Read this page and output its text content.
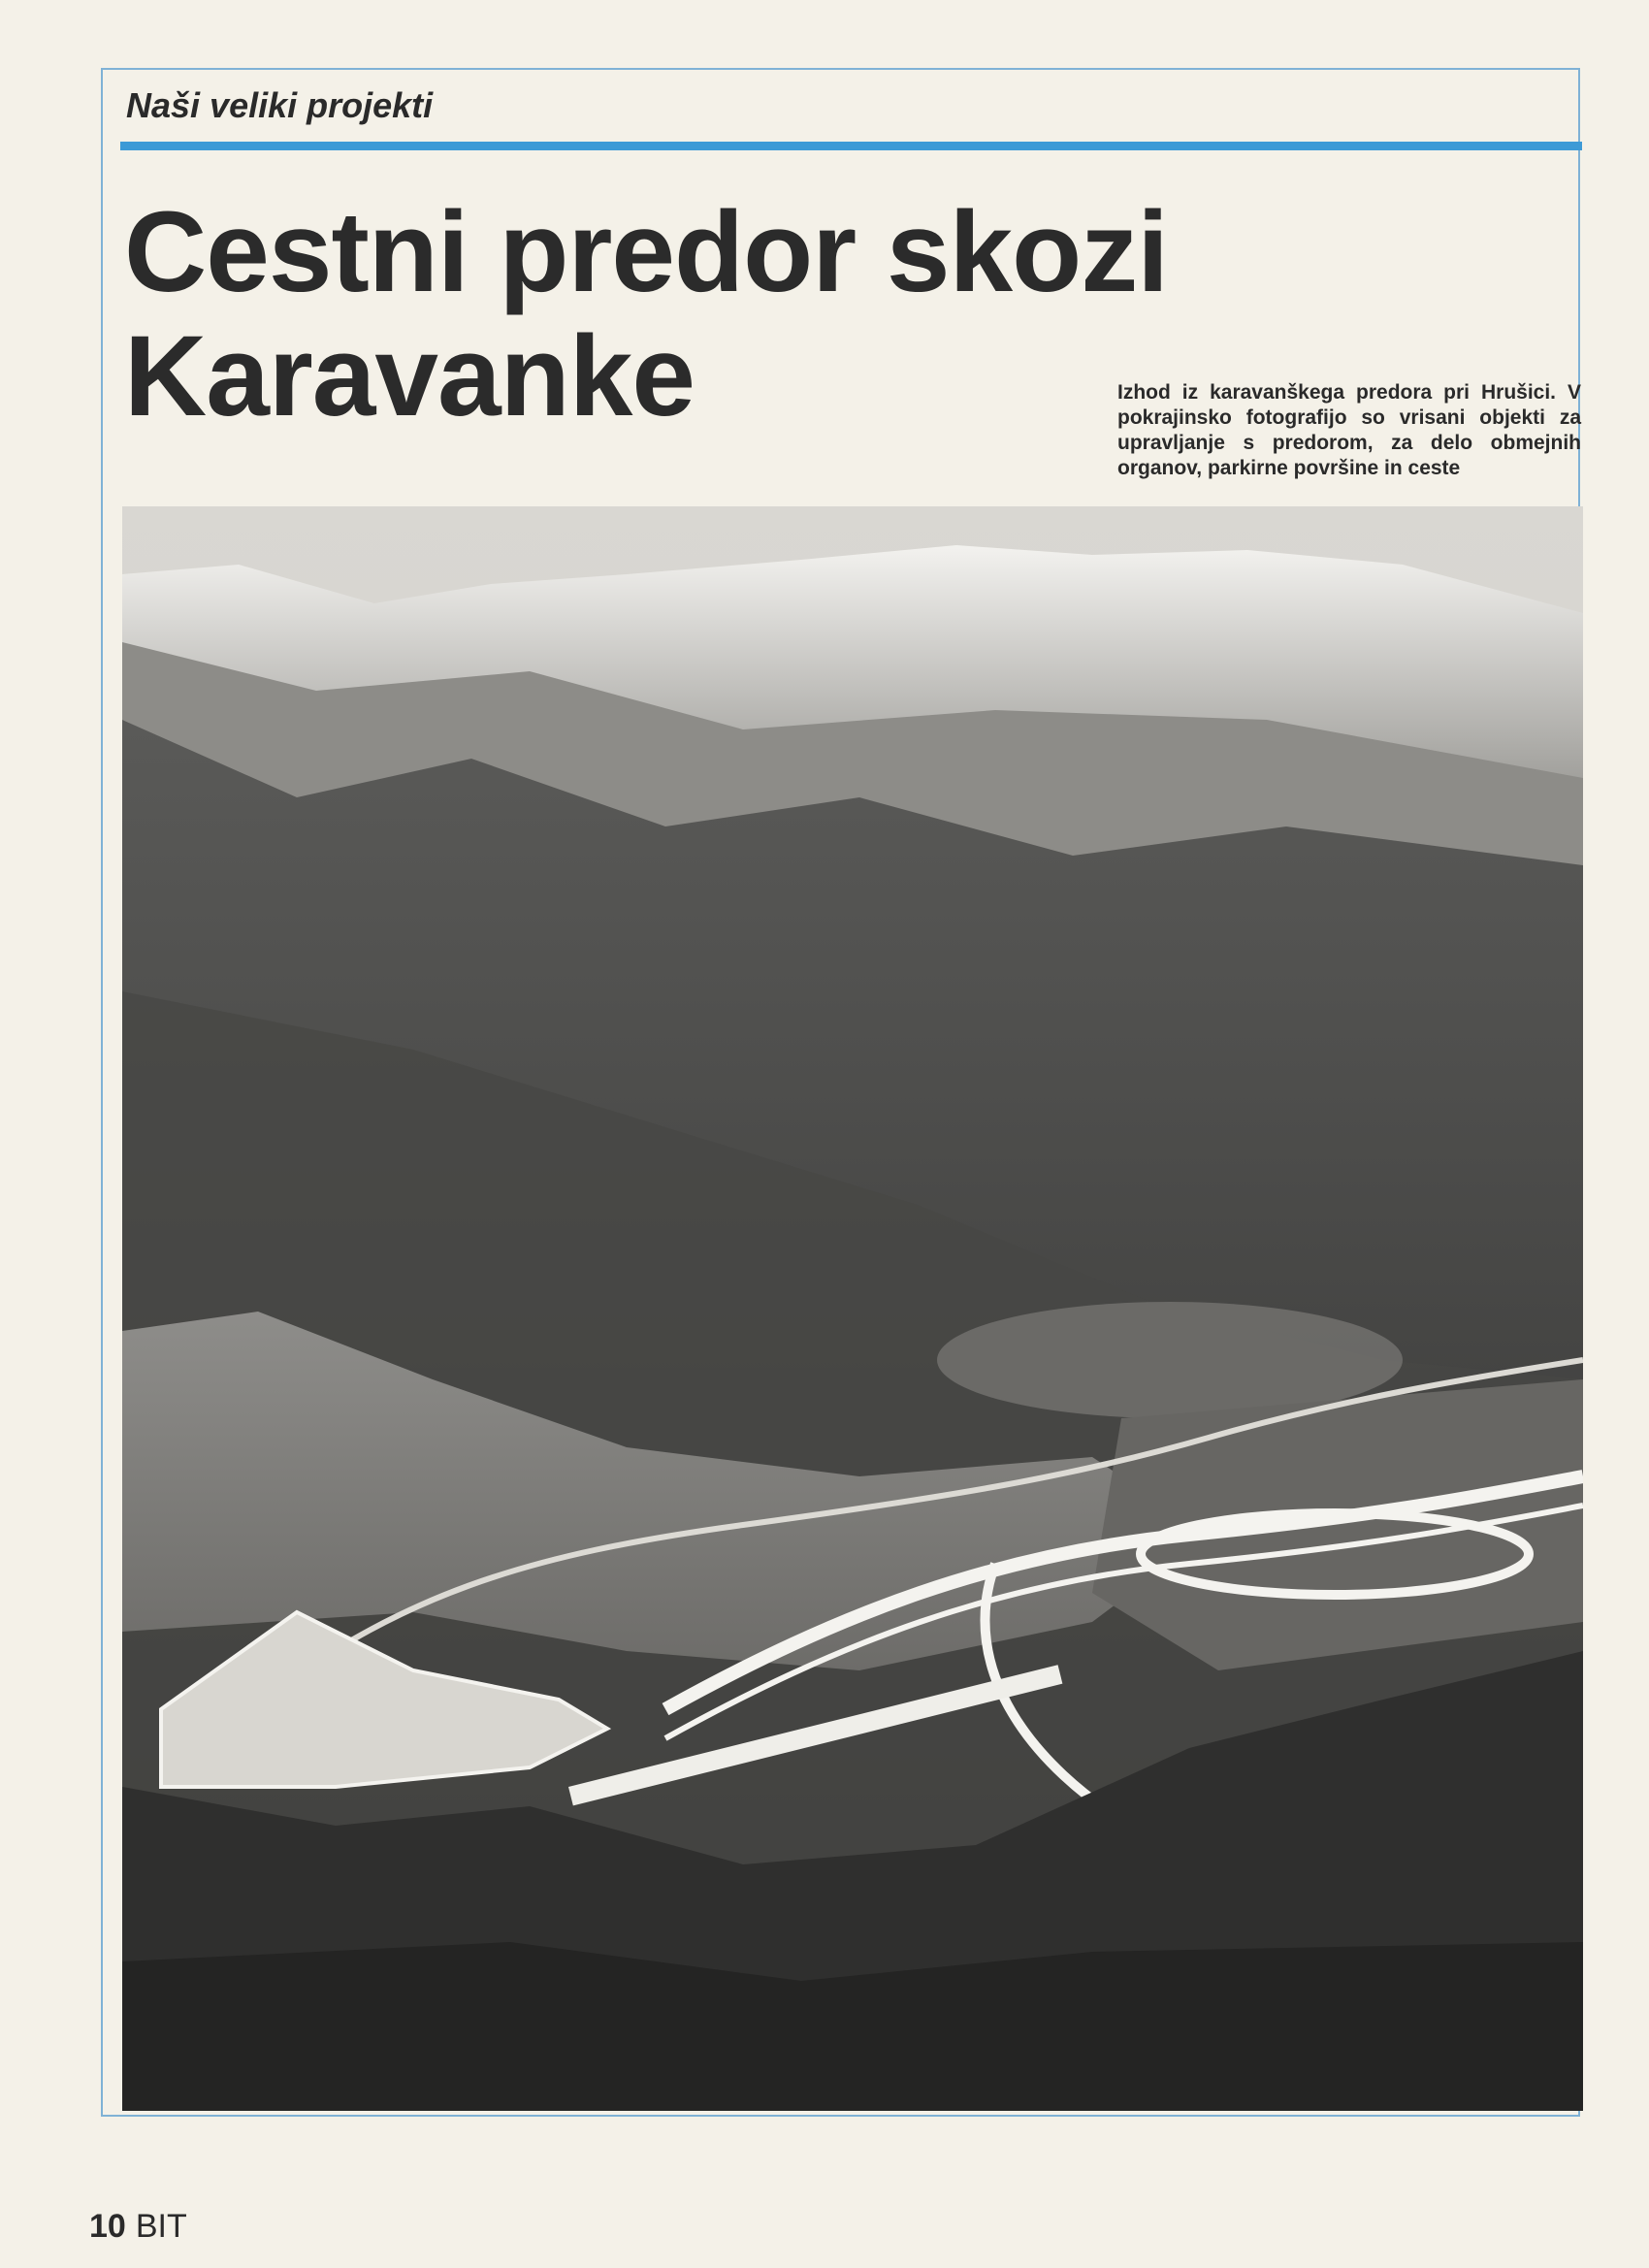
Naši veliki projekti
Cestni predor skozi
Karavanke	Izhod iz karavanškega predora pri Hrušici. V pokrajinsko fotografijo so vrisani objekti za upravljanje s predorom, za delo obmejnih organov, parkirne površine in ceste

10 BIT
